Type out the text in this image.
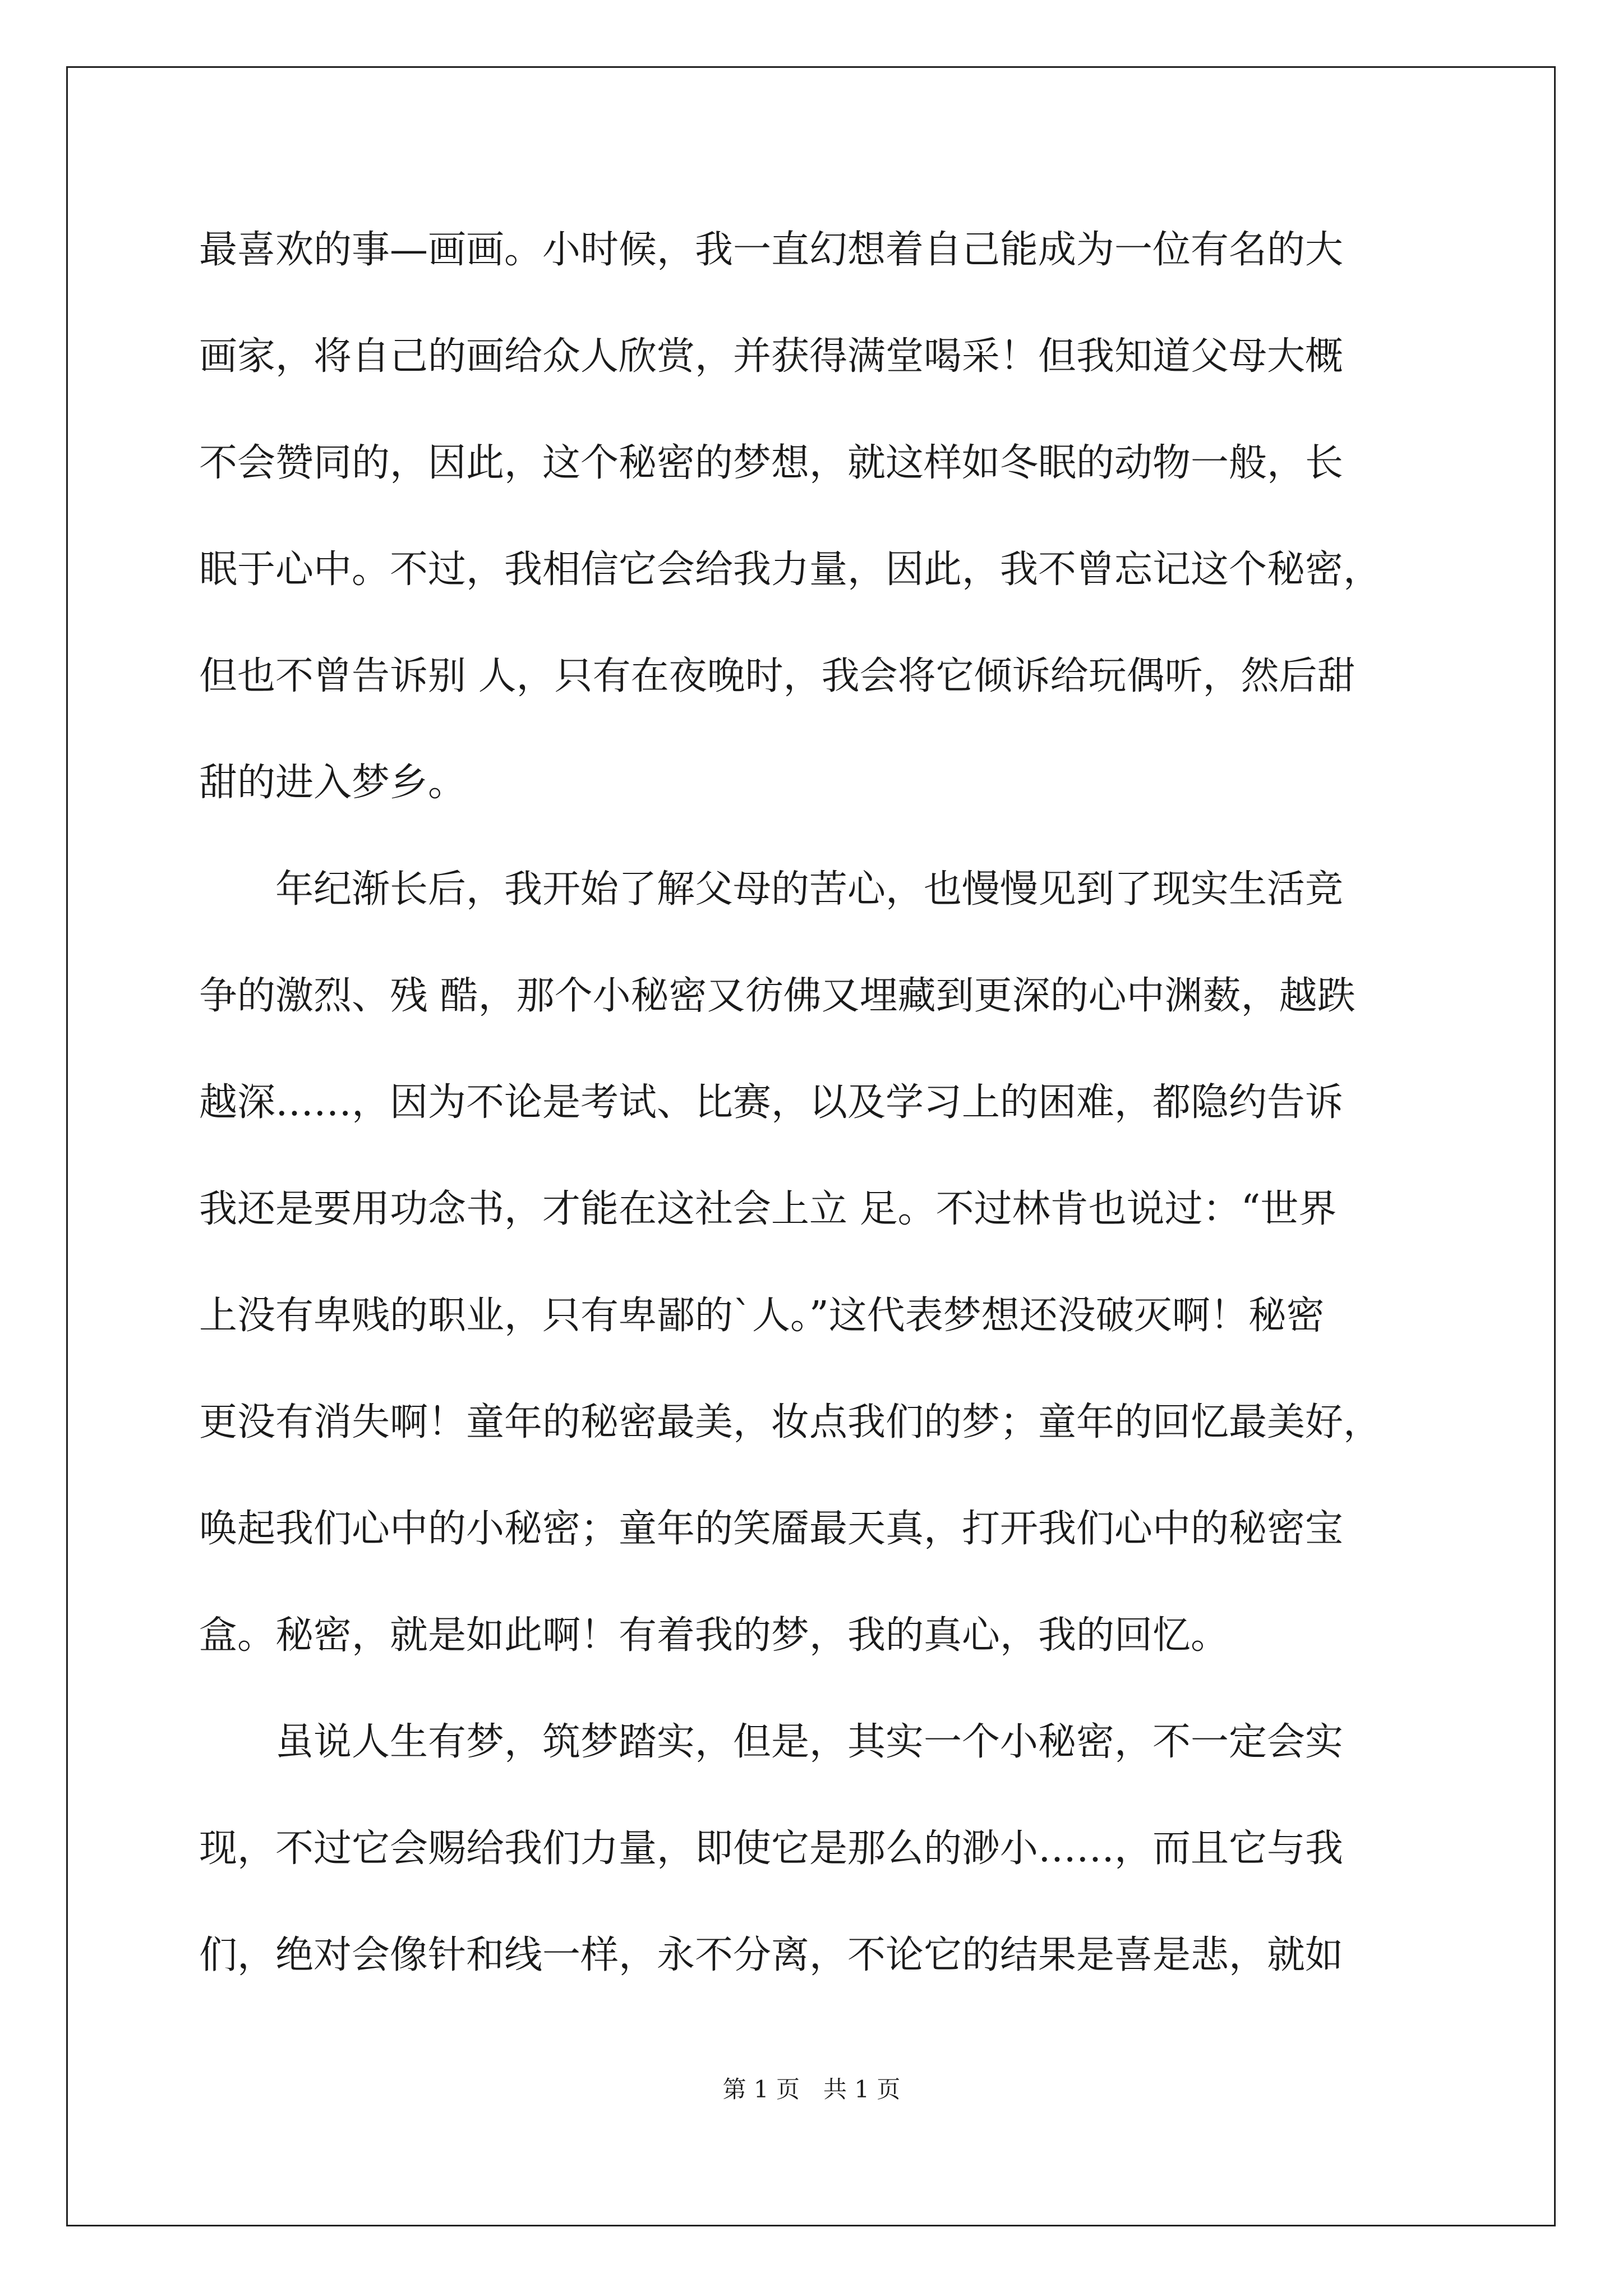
最喜欢的事—画画。小时候，我一直幻想着自己能成为一位有名的大
画家，将自己的画给众人欣赏，并获得满堂喝采！但我知道父母大概
不会赞同的，因此，这个秘密的梦想，就这样如冬眠的动物一般，长
眠于心中。不过，我相信它会给我力量，因此，我不曾忘记这个秘密，
但也不曾告诉别 人，只有在夜晚时，我会将它倾诉给玩偶听，然后甜
甜的进入梦乡。
　　年纪渐长后，我开始了解父母的苦心，也慢慢见到了现实生活竞
争的激烈、残 酷，那个小秘密又彷佛又埋藏到更深的心中渊薮，越跌
越深……，因为不论是考试、比赛，以及学习上的困难，都隐约告诉
我还是要用功念书，才能在这社会上立 足。不过林肯也说过：“世界
上没有卑贱的职业，只有卑鄙的`人。”这代表梦想还没破灭啊！秘密
更没有消失啊！童年的秘密最美，妆点我们的梦；童年的回忆最美好，
唤起我们心中的小秘密；童年的笑靥最天真，打开我们心中的秘密宝
盒。秘密，就是如此啊！有着我的梦，我的真心，我的回忆。
　　虽说人生有梦，筑梦踏实，但是，其实一个小秘密，不一定会实
现，不过它会赐给我们力量，即使它是那么的渺小……，而且它与我
们，绝对会像针和线一样，永不分离，不论它的结果是喜是悲，就如
第 1 页　共 1 页
